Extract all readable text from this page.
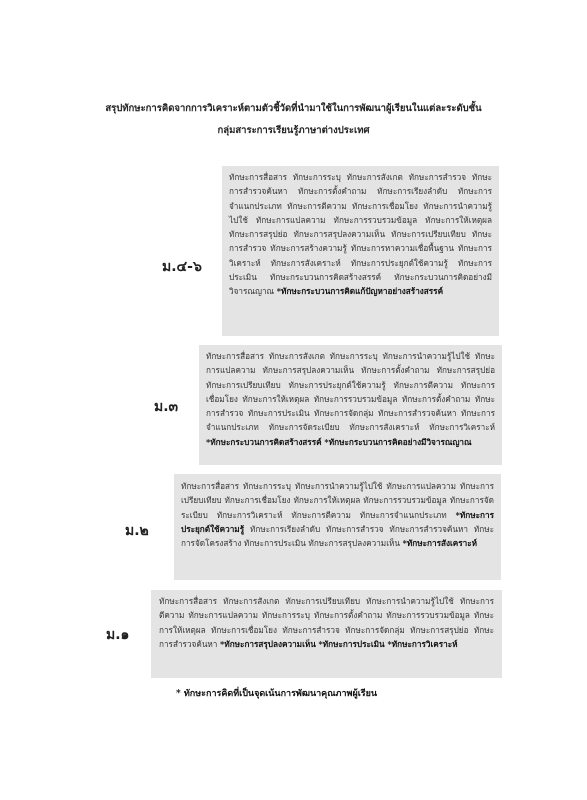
สรุปทักษะการคิดจากการวิเคราะห์ตามตัวชี้วัดที่นำมาใช้ในการพัฒนาผู้เรียนในแต่ละระดับชั้น
กลุ่มสาระการเรียนรู้ภาษาต่างประเทศ
ม.๔-๖
ทักษะการสื่อสาร ทักษะการระบุ ทักษะการสังเกต ทักษะการสำรวจ ทักษะการสำรวจค้นหา ทักษะการตั้งคำถาม ทักษะการเรียงลำดับ ทักษะการจำแนกประเภท ทักษะการตีความ ทักษะการเชื่อมโยง ทักษะการนำความรู้ไปใช้ ทักษะการแปลความ ทักษะการรวบรวมข้อมูล ทักษะการให้เหตุผล ทักษะการสรุปย่อ ทักษะการสรุปลงความเห็น ทักษะการเปรียบเทียบ ทักษะการสำรวจ ทักษะการสร้างความรู้ ทักษะการหาความเชื่อพื้นฐาน ทักษะการวิเคราะห์ ทักษะการสังเคราะห์ ทักษะการประยุกต์ใช้ความรู้ ทักษะการประเมิน ทักษะกระบวนการคิดสร้างสรรค์ ทักษะกระบวนการคิดอย่างมีวิจารณญาณ *ทักษะกระบวนการคิดแก้ปัญหาอย่างสร้างสรรค์
ม.๓
ทักษะการสื่อสาร ทักษะการสังเกต ทักษะการระบุ ทักษะการนำความรู้ไปใช้ ทักษะการแปลความ ทักษะการสรุปลงความเห็น ทักษะการตั้งคำถาม ทักษะการสรุปย่อ ทักษะการเปรียบเทียบ ทักษะการประยุกต์ใช้ความรู้ ทักษะการตีความ ทักษะการเชื่อมโยง ทักษะการให้เหตุผล ทักษะการรวบรวมข้อมูล ทักษะการตั้งคำถาม ทักษะการสำรวจ ทักษะการประเมิน ทักษะการจัดกลุ่ม ทักษะการสำรวจค้นหา ทักษะการจำแนกประเภท ทักษะการจัดระเบียบ ทักษะการสังเคราะห์ ทักษะการวิเคราะห์ *ทักษะกระบวนการคิดสร้างสรรค์ *ทักษะกระบวนการคิดอย่างมีวิจารณญาณ
ม.๒
ทักษะการสื่อสาร ทักษะการระบุ ทักษะการนำความรู้ไปใช้ ทักษะการแปลความ ทักษะการเปรียบเทียบ ทักษะการเชื่อมโยง ทักษะการให้เหตุผล ทักษะการรวบรวมข้อมูล ทักษะการจัดระเบียบ ทักษะการวิเคราะห์ ทักษะการตีความ ทักษะการจำแนกประเภท *ทักษะการประยุกต์ใช้ความรู้ ทักษะการเรียงลำดับ ทักษะการสำรวจ ทักษะการสำรวจค้นหา ทักษะการจัดโครงสร้าง ทักษะการประเมิน ทักษะการสรุปลงความเห็น *ทักษะการสังเคราะห์
ม.๑
ทักษะการสื่อสาร ทักษะการสังเกต ทักษะการเปรียบเทียบ ทักษะการนำความรู้ไปใช้ ทักษะการตีความ ทักษะการแปลความ ทักษะการระบุ ทักษะการตั้งคำถาม ทักษะการรวบรวมข้อมูล ทักษะการให้เหตุผล ทักษะการเชื่อมโยง ทักษะการสำรวจ ทักษะการจัดกลุ่ม ทักษะการสรุปย่อ ทักษะการสำรวจค้นหา *ทักษะการสรุปลงความเห็น *ทักษะการประเมิน *ทักษะการวิเคราะห์
* ทักษะการคิดที่เป็นจุดเน้นการพัฒนาคุณภาพผู้เรียน
